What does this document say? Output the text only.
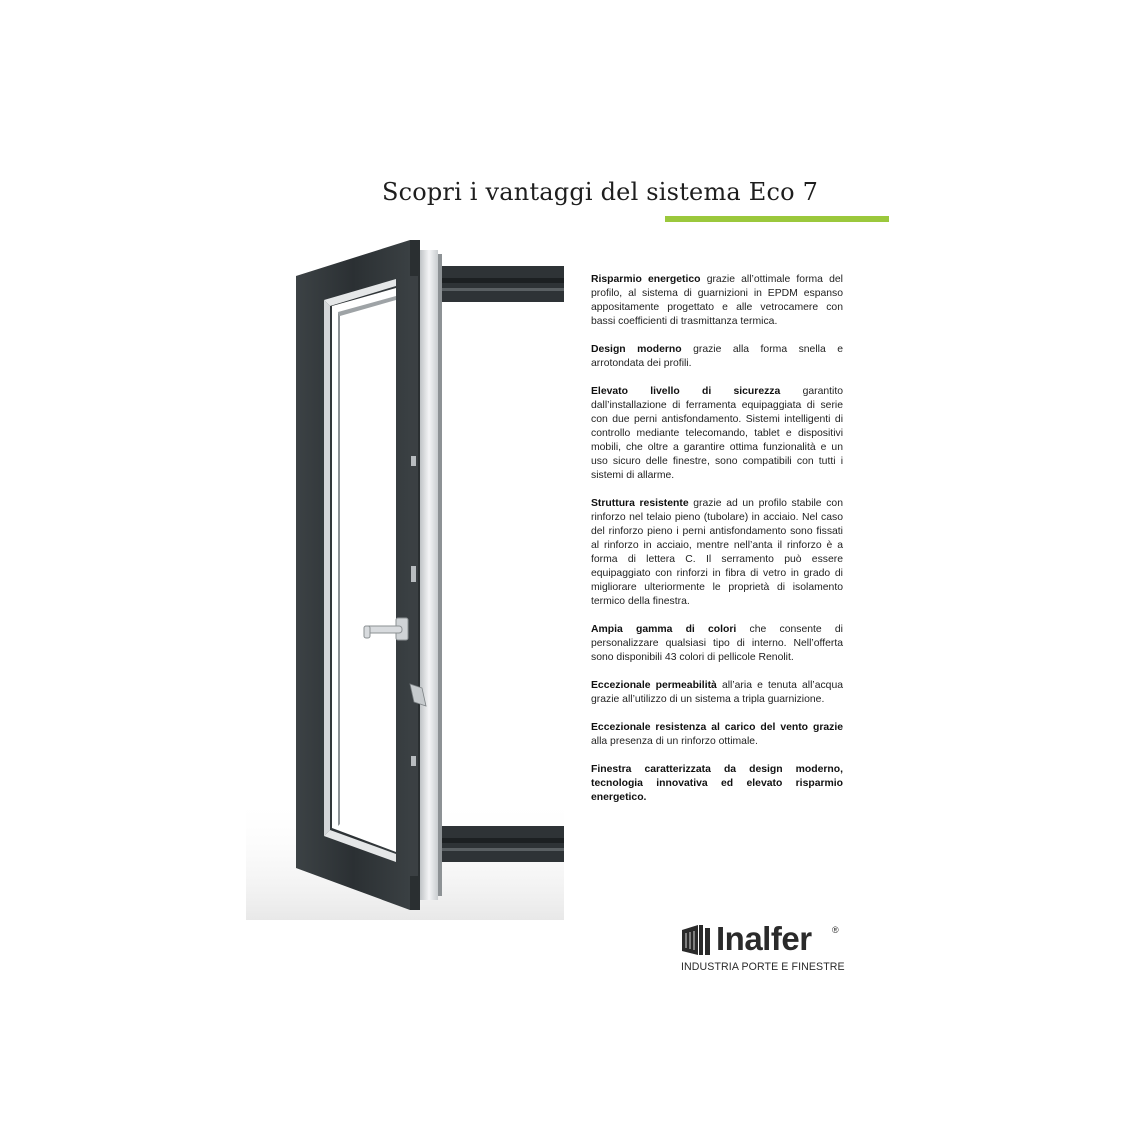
Scopri i vantaggi del sistema Eco 7

Risparmio energetico grazie all’ottimale forma del profilo, al sistema di guarnizioni in EPDM espanso appositamente progettato e alle vetrocamere con bassi coefficienti di trasmittanza termica.

Design moderno grazie alla forma snella e arrotondata dei profili.

Elevato livello di sicurezza garantito dall’installazione di ferramenta equipaggiata di serie con due perni antisfondamento. Sistemi intelligenti di controllo mediante telecomando, tablet e dispositivi mobili, che oltre a garantire ottima funzionalità e un uso sicuro delle finestre, sono compatibili con tutti i sistemi di allarme.

Struttura resistente grazie ad un profilo stabile con rinforzo nel telaio pieno (tubolare) in acciaio. Nel caso del rinforzo pieno i perni antisfondamento sono fissati al rinforzo in acciaio, mentre nell’anta il rinforzo è a forma di lettera C. Il serramento può essere equipaggiato con rinforzi in fibra di vetro in grado di migliorare ulteriormente le proprietà di isolamento termico della finestra.

Ampia gamma di colori che consente di personalizzare qualsiasi tipo di interno. Nell’offerta sono disponibili 43 colori di pellicole Renolit.

Eccezionale permeabilità all’aria e tenuta all’acqua grazie all’utilizzo di un sistema a tripla guarnizione.

Eccezionale resistenza al carico del vento grazie alla presenza di un rinforzo ottimale.

Finestra caratterizzata da design moderno, tecnologia innovativa ed elevato risparmio energetico.

Inalfer ®
INDUSTRIA PORTE E FINESTRE
